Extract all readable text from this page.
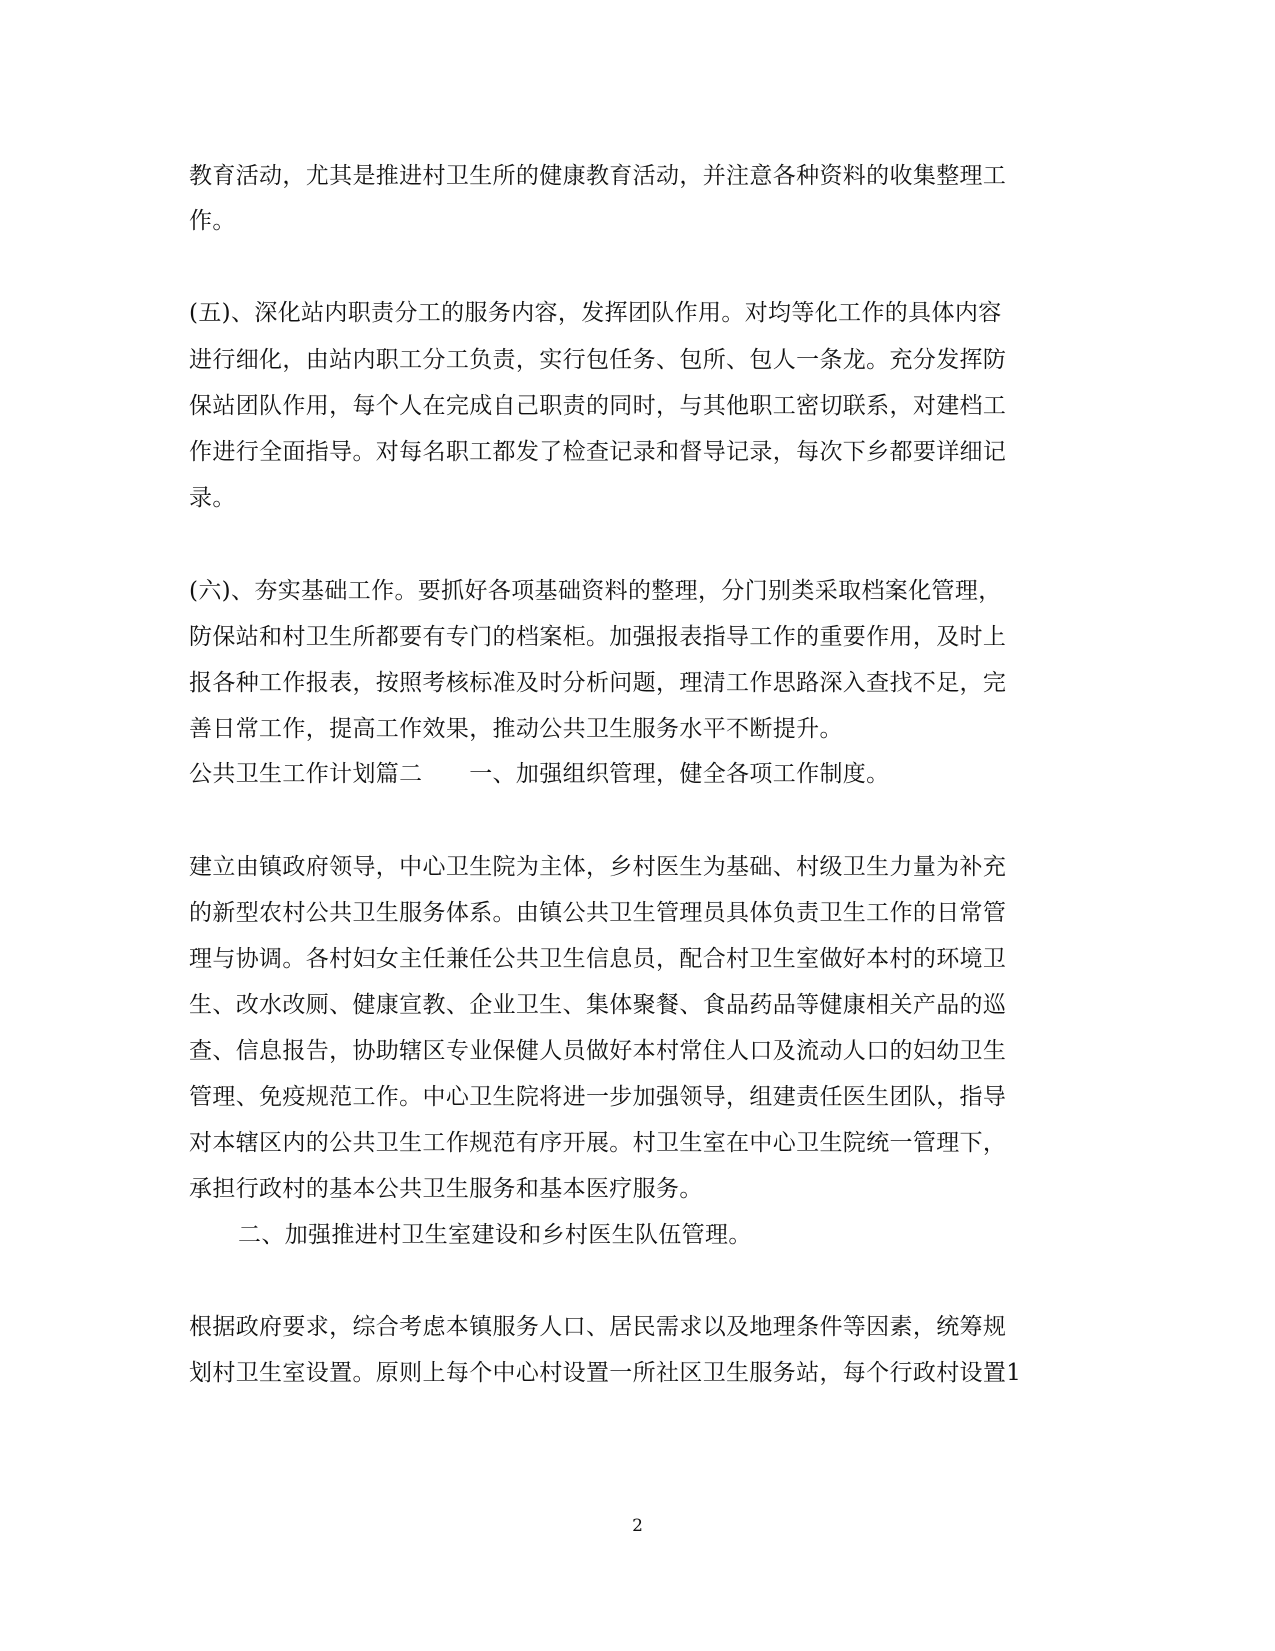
教育活动，尤其是推进村卫生所的健康教育活动，并注意各种资料的收集整理工
作。
(五)、深化站内职责分工的服务内容，发挥团队作用。对均等化工作的具体内容
进行细化，由站内职工分工负责，实行包任务、包所、包人一条龙。充分发挥防
保站团队作用，每个人在完成自己职责的同时，与其他职工密切联系，对建档工
作进行全面指导。对每名职工都发了检查记录和督导记录，每次下乡都要详细记
录。
(六)、夯实基础工作。要抓好各项基础资料的整理，分门别类采取档案化管理，
防保站和村卫生所都要有专门的档案柜。加强报表指导工作的重要作用，及时上
报各种工作报表，按照考核标准及时分析问题，理清工作思路深入查找不足，完
善日常工作，提高工作效果，推动公共卫生服务水平不断提升。
公共卫生工作计划篇二　　一、加强组织管理，健全各项工作制度。
建立由镇政府领导，中心卫生院为主体，乡村医生为基础、村级卫生力量为补充
的新型农村公共卫生服务体系。由镇公共卫生管理员具体负责卫生工作的日常管
理与协调。各村妇女主任兼任公共卫生信息员，配合村卫生室做好本村的环境卫
生、改水改厕、健康宣教、企业卫生、集体聚餐、食品药品等健康相关产品的巡
查、信息报告，协助辖区专业保健人员做好本村常住人口及流动人口的妇幼卫生
管理、免疫规范工作。中心卫生院将进一步加强领导，组建责任医生团队，指导
对本辖区内的公共卫生工作规范有序开展。村卫生室在中心卫生院统一管理下，
承担行政村的基本公共卫生服务和基本医疗服务。
二、加强推进村卫生室建设和乡村医生队伍管理。
根据政府要求，综合考虑本镇服务人口、居民需求以及地理条件等因素，统筹规
划村卫生室设置。原则上每个中心村设置一所社区卫生服务站，每个行政村设置1
2
